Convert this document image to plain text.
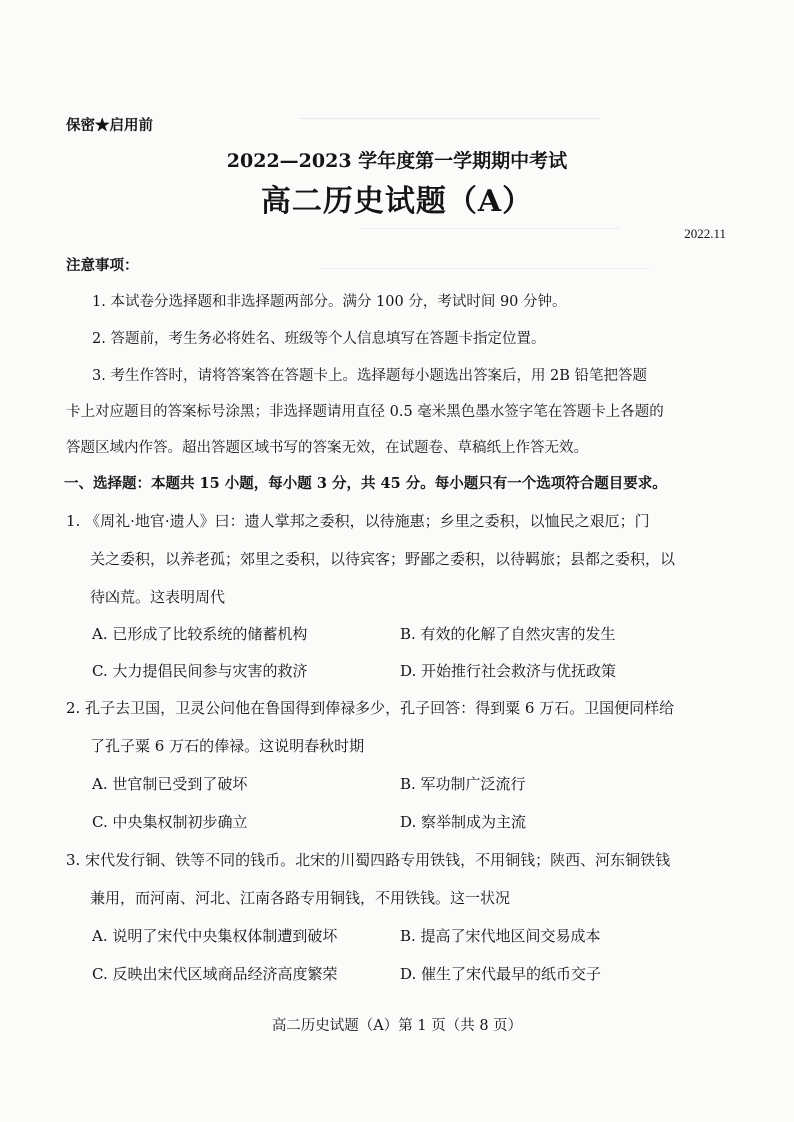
保密★启用前
2022—2023 学年度第一学期期中考试
高二历史试题（A）
2022.11
注意事项：
1. 本试卷分选择题和非选择题两部分。满分 100 分，考试时间 90 分钟。
2. 答题前，考生务必将姓名、班级等个人信息填写在答题卡指定位置。
3. 考生作答时，请将答案答在答题卡上。选择题每小题选出答案后，用 2B 铅笔把答题
卡上对应题目的答案标号涂黑；非选择题请用直径 0.5 毫米黑色墨水签字笔在答题卡上各题的
答题区域内作答。超出答题区域书写的答案无效，在试题卷、草稿纸上作答无效。
一、选择题：本题共 15 小题，每小题 3 分，共 45 分。每小题只有一个选项符合题目要求。
1. 《周礼·地官·遗人》曰：遗人掌邦之委积，以待施惠；乡里之委积，以恤民之艰厄；门
关之委积，以养老孤；郊里之委积，以待宾客；野鄙之委积，以待羁旅；县都之委积，以
待凶荒。这表明周代
A. 已形成了比较系统的储蓄机构	B. 有效的化解了自然灾害的发生
C. 大力提倡民间参与灾害的救济	D. 开始推行社会救济与优抚政策
2. 孔子去卫国，卫灵公问他在鲁国得到俸禄多少，孔子回答：得到粟 6 万石。卫国便同样给
了孔子粟 6 万石的俸禄。这说明春秋时期
A. 世官制已受到了破坏	B. 军功制广泛流行
C. 中央集权制初步确立	D. 察举制成为主流
3. 宋代发行铜、铁等不同的钱币。北宋的川蜀四路专用铁钱，不用铜钱；陕西、河东铜铁钱
兼用，而河南、河北、江南各路专用铜钱，不用铁钱。这一状况
A. 说明了宋代中央集权体制遭到破坏	B. 提高了宋代地区间交易成本
C. 反映出宋代区域商品经济高度繁荣	D. 催生了宋代最早的纸币交子
高二历史试题（A）第 1 页（共 8 页）
